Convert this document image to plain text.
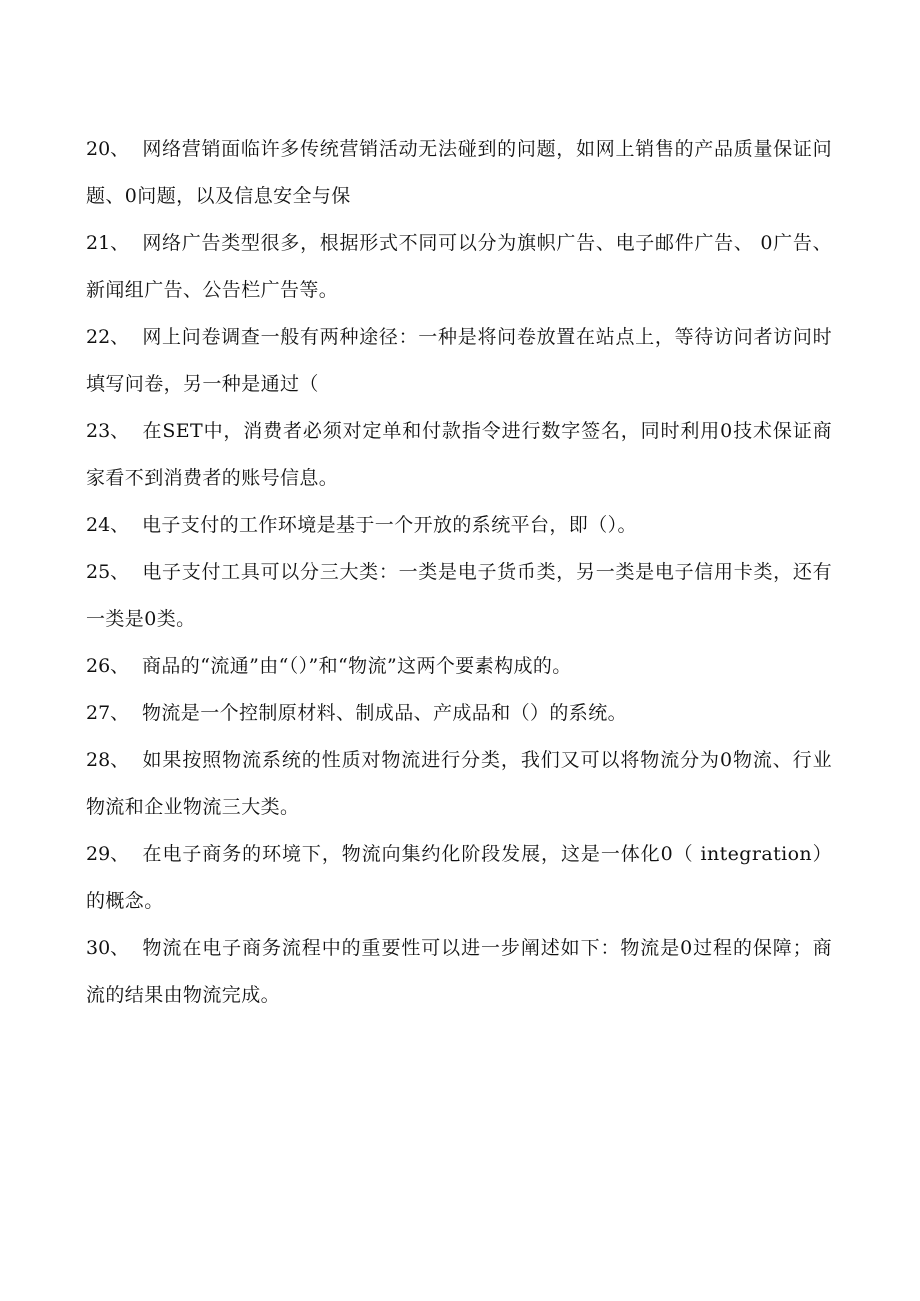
20、 网络营销面临许多传统营销活动无法碰到的问题，如网上销售的产品质量保证问题、0问题，以及信息安全与保
21、 网络广告类型很多，根据形式不同可以分为旗帜广告、电子邮件广告、 0广告、新闻组广告、公告栏广告等。
22、 网上问卷调查一般有两种途径：一种是将问卷放置在站点上，等待访问者访问时填写问卷，另一种是通过（
23、 在SET中，消费者必须对定单和付款指令进行数字签名，同时利用0技术保证商家看不到消费者的账号信息。
24、 电子支付的工作环境是基于一个开放的系统平台，即（）。
25、 电子支付工具可以分三大类：一类是电子货币类，另一类是电子信用卡类，还有一类是0类。
26、 商品的“流通”由“（）”和“物流”这两个要素构成的。
27、 物流是一个控制原材料、制成品、产成品和（）的系统。
28、 如果按照物流系统的性质对物流进行分类，我们又可以将物流分为0物流、行业物流和企业物流三大类。
29、 在电子商务的环境下，物流向集约化阶段发展，这是一体化0（ integration）的概念。
30、 物流在电子商务流程中的重要性可以进一步阐述如下：物流是0过程的保障；商流的结果由物流完成。
